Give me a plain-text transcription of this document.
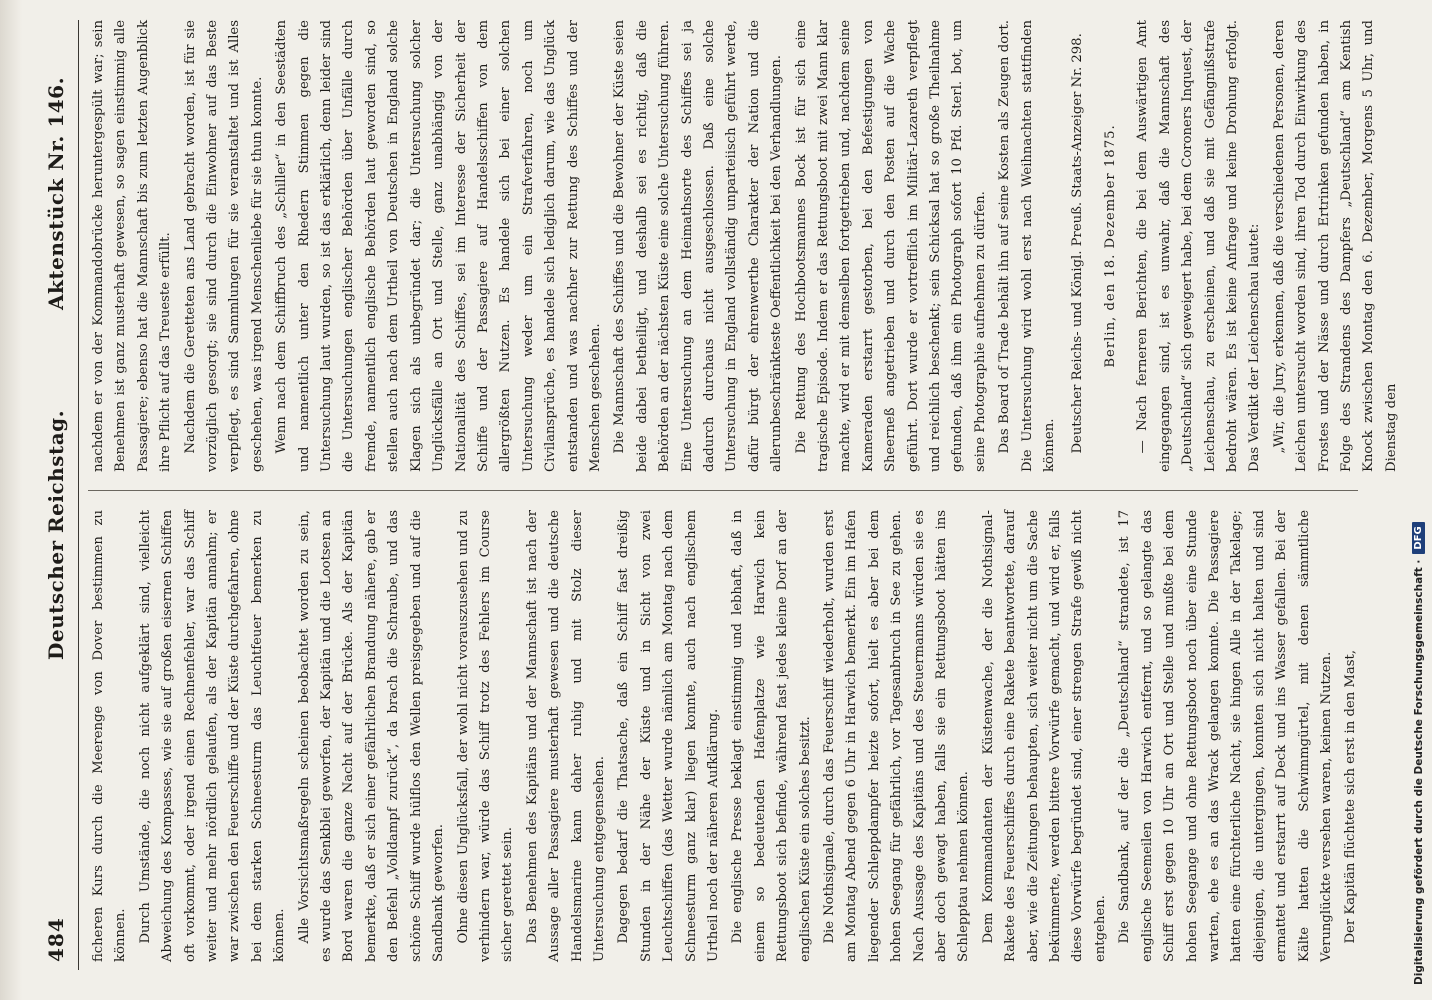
484
Deutscher Reichstag.
Aktenstück Nr. 146.

ficheren Kurs durch die Meerenge von Dover bestimmen zu können. Durch Umstände, die noch nicht aufgeklärt sind, vielleicht Abweichung des Kompasses, wie sie auf großen eisernen Schiffen oft vorkommt, oder irgend einen Rechnenfehler, war das Schiff weiter und mehr nördlich gelaufen, als der Kapitän annahm; er war zwischen den Feuerschiffe und der Küste durchgefahren, ohne bei dem starken Schneesturm das Leuchtfeuer bemerken zu können. Alle Vorsichtsmaßregeln scheinen beobachtet worden zu sein, es wurde das Senkblei geworfen, der Kapitän und die Lootsen an Bord waren die ganze Nacht auf der Brücke. Als der Kapitän bemerkte, daß er sich einer gefährlichen Brandung nähere, gab er den Befehl „Volldampf zurück“, da brach die Schraube, und das schöne Schiff wurde hülflos den Wellen preisgegeben und auf die Sandbank geworfen. Ohne diesen Unglücksfall, der wohl nicht vorauszusehen und zu verhindern war, würde das Schiff trotz des Fehlers im Course sicher gerettet sein. Das Benehmen des Kapitäns und der Mannschaft ist nach der Aussage aller Passagiere musterhaft gewesen und die deutsche Handelsmarine kann daher ruhig und mit Stolz dieser Untersuchung entgegensehen. Dagegen bedarf die Thatsache, daß ein Schiff fast dreißig Stunden in der Nähe der Küste und in Sicht von zwei Leuchtschiffen (das Wetter wurde nämlich am Montag nach dem Schneesturm ganz klar) liegen konnte, auch nach englischem Urtheil noch der näheren Aufklärung. Die englische Presse beklagt einstimmig und lebhaft, daß in einem so bedeutenden Hafenplatze wie Harwich kein Rettungsboot sich befinde, während fast jedes kleine Dorf an der englischen Küste ein solches besitzt. Die Nothsignale, durch das Feuerschiff wiederholt, wurden erst am Montag Abend gegen 6 Uhr in Harwich bemerkt. Ein im Hafen liegender Schleppdampfer heizte sofort, hielt es aber bei dem hohen Seegang für gefährlich, vor Tagesanbruch in See zu gehen. Nach Aussage des Kapitäns und des Steuermanns würden sie es aber doch gewagt haben, falls sie ein Rettungsboot hätten ins Schlepptau nehmen können. Dem Kommandanten der Küstenwache, der die Nothsignal-Rakete des Feuerschiffes durch eine Rakete beantwortete, darauf aber, wie die Zeitungen behaupten, sich weiter nicht um die Sache bekümmerte, werden bittere Vorwürfe gemacht, und wird er, falls diese Vorwürfe begründet sind, einer strengen Strafe gewiß nicht entgehen. Die Sandbank, auf der die „Deutschland“ strandete, ist 17 englische Seemeilen von Harwich entfernt, und so gelangte das Schiff erst gegen 10 Uhr an Ort und Stelle und mußte bei dem hohen Seegange und ohne Rettungsboot noch über eine Stunde warten, ehe es an das Wrack gelangen konnte. Die Passagiere hatten eine fürchterliche Nacht, sie hingen Alle in der Takelage; diejenigen, die untergingen, konnten sich nicht halten und sind ermattet und erstarrt auf Deck und ins Wasser gefallen. Bei der Kälte hatten die Schwimmgürtel, mit denen sämmtliche Verunglückte versehen waren, keinen Nutzen. Der Kapitän flüchtete sich erst in den Mast,

nachdem er von der Kommandobrücke heruntergespült war; sein Benehmen ist ganz musterhaft gewesen, so sagen einstimmig alle Passagiere; ebenso hat die Mannschaft bis zum letzten Augenblick ihre Pflicht auf das Treueste erfüllt. Nachdem die Geretteten ans Land gebracht worden, ist für sie vorzüglich gesorgt; sie sind durch die Einwohner auf das Beste verpflegt, es sind Sammlungen für sie veranstaltet und ist Alles geschehen, was irgend Menschenliebe für sie thun konnte. Wenn nach dem Schiffbruch des „Schiller“ in den Seestädten und namentlich unter den Rhedern Stimmen gegen die Untersuchung laut wurden, so ist das erklärlich, denn leider sind die Untersuchungen englischer Behörden über Unfälle durch fremde, namentlich englische Behörden laut geworden sind, so stellen auch nach dem Urtheil von Deutschen in England solche Klagen sich als unbegründet dar; die Untersuchung solcher Unglücksfälle an Ort und Stelle, ganz unabhängig von der Nationalität des Schiffes, sei im Interesse der Sicherheit der Schiffe und der Passagiere auf Handelsschiffen von dem allergrößten Nutzen. Es handele sich bei einer solchen Untersuchung weder um ein Strafverfahren, noch um Civilansprüche, es handele sich lediglich darum, wie das Unglück entstanden und was nachher zur Rettung des Schiffes und der Menschen geschehen. Die Mannschaft des Schiffes und die Bewohner der Küste seien beide dabei betheiligt, und deshalb sei es richtig, daß die Behörden an der nächsten Küste eine solche Untersuchung führen. Eine Untersuchung an dem Heimathsorte des Schiffes sei ja dadurch durchaus nicht ausgeschlossen. Daß eine solche Untersuchung in England vollständig unparteiisch geführt werde, dafür bürgt der ehrenwerthe Charakter der Nation und die allerunbeschränkteste Oeffentlichkeit bei den Verhandlungen. Die Rettung des Hochbootsmannes Bock ist für sich eine tragische Episode. Indem er das Rettungsboot mit zwei Mann klar machte, wird er mit demselben fortgetrieben und, nachdem seine Kameraden erstarrt gestorben, bei den Befestigungen von Sheerneß angetrieben und durch den Posten auf die Wache geführt. Dort wurde er vortrefflich im Militär-Lazareth verpflegt und reichlich beschenkt; sein Schicksal hat so große Theilnahme gefunden, daß ihm ein Photograph sofort 10 Pfd. Sterl. bot, um seine Photographie aufnehmen zu dürfen. Das Board of Trade behält ihn auf seine Kosten als Zeugen dort. Die Untersuchung wird wohl erst nach Weihnachten stattfinden können.	Deutscher Reichs- und Königl. Preuß. Staats-Anzeiger Nr. 298.	Berlin, den 18. Dezember 1875.	— Nach ferneren Berichten, die bei dem Auswärtigen Amt eingegangen sind, ist es unwahr, daß die Mannschaft des „Deutschland“ sich geweigert habe, bei dem Coroners Inquest, der Leichenschau, zu erscheinen, und daß sie mit Gefängnißstrafe bedroht wären. Es ist keine Anfrage und keine Drohung erfolgt. Das Verdikt der Leichenschau lautet: „Wir, die Jury, erkennen, daß die verschiedenen Personen, deren Leichen untersucht worden sind, ihren Tod durch Einwirkung des Frostes und der Nässe und durch Ertrinken gefunden haben, in Folge des Strandens des Dampfers „Deutschland“ am Kentish Knock zwischen Montag den 6. Dezember, Morgens 5 Uhr, und Dienstag den

Digitalisierung gefördert durch die Deutsche Forschungsgemeinschaft ·
DFG
